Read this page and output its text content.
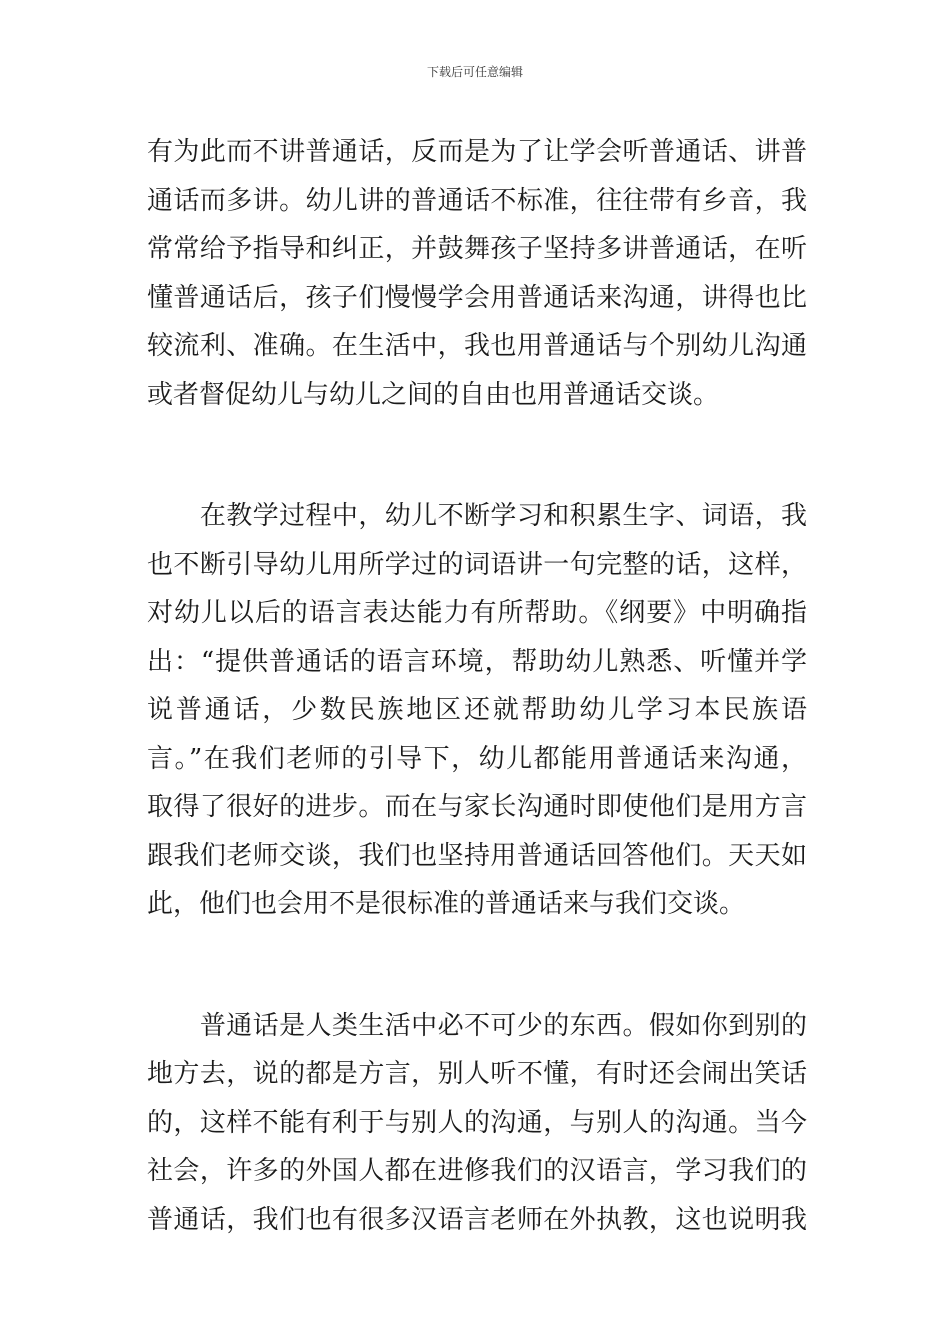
下载后可任意编辑
有为此而不讲普通话，反而是为了让学会听普通话、讲普
通话而多讲。幼儿讲的普通话不标准，往往带有乡音，我
常常给予指导和纠正，并鼓舞孩子坚持多讲普通话，在听
懂普通话后，孩子们慢慢学会用普通话来沟通，讲得也比
较流利、准确。在生活中，我也用普通话与个别幼儿沟通
或者督促幼儿与幼儿之间的自由也用普通话交谈。
　　在教学过程中，幼儿不断学习和积累生字、词语，我
也不断引导幼儿用所学过的词语讲一句完整的话，这样，
对幼儿以后的语言表达能力有所帮助。《纲要》中明确指
出：“提供普通话的语言环境，帮助幼儿熟悉、听懂并学
说普通话，少数民族地区还就帮助幼儿学习本民族语
言。”在我们老师的引导下，幼儿都能用普通话来沟通，
取得了很好的进步。而在与家长沟通时即使他们是用方言
跟我们老师交谈，我们也坚持用普通话回答他们。天天如
此，他们也会用不是很标准的普通话来与我们交谈。
　　普通话是人类生活中必不可少的东西。假如你到别的
地方去，说的都是方言，别人听不懂，有时还会闹出笑话
的，这样不能有利于与别人的沟通，与别人的沟通。当今
社会，许多的外国人都在进修我们的汉语言，学习我们的
普通话，我们也有很多汉语言老师在外执教，这也说明我
